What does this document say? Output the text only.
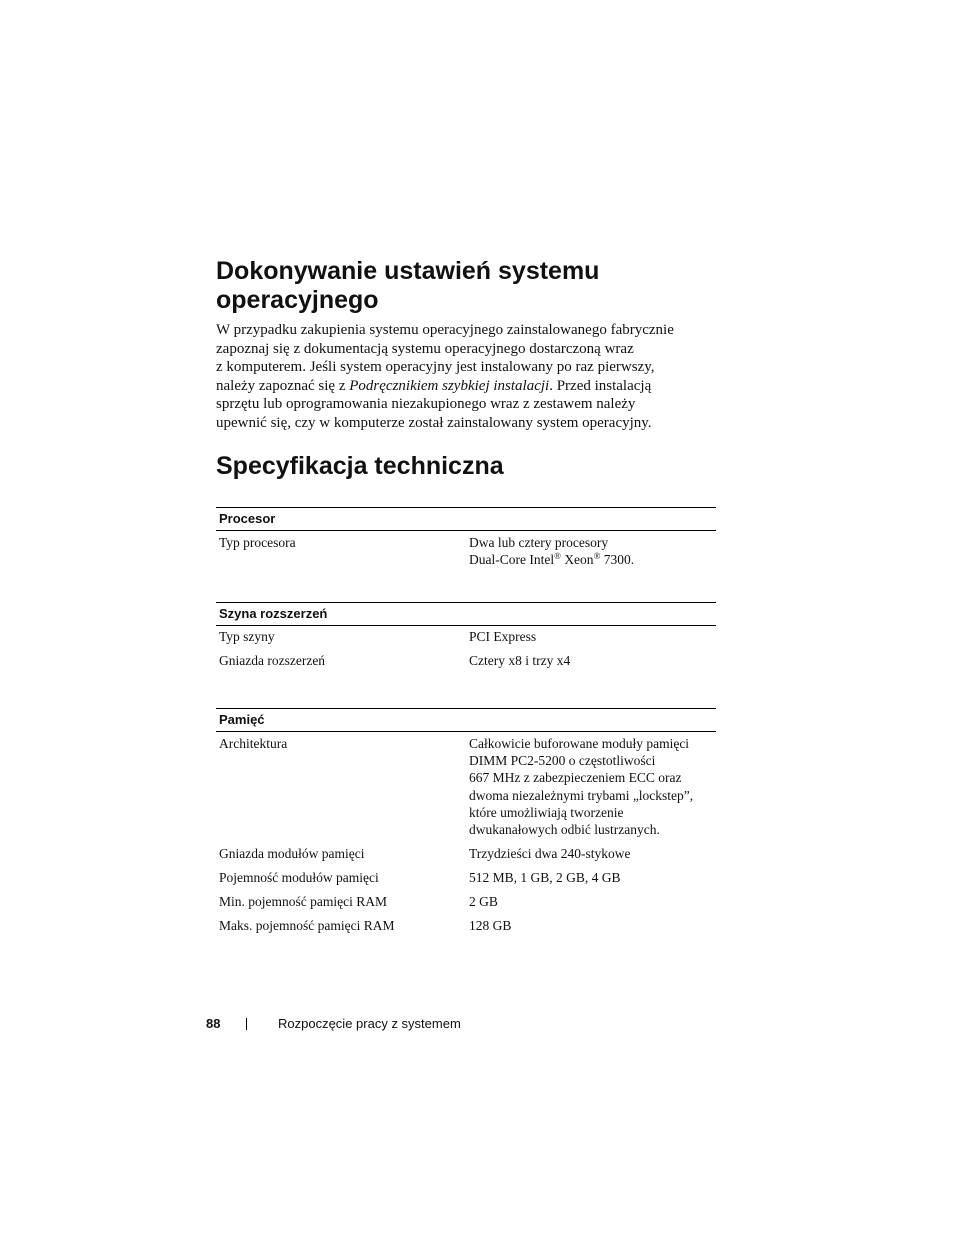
Dokonywanie ustawień systemu operacyjnego
W przypadku zakupienia systemu operacyjnego zainstalowanego fabrycznie
zapoznaj się z dokumentacją systemu operacyjnego dostarczoną wraz
z komputerem. Jeśli system operacyjny jest instalowany po raz pierwszy,
należy zapoznać się z Podręcznikiem szybkiej instalacji. Przed instalacją
sprzętu lub oprogramowania niezakupionego wraz z zestawem należy
upewnić się, czy w komputerze został zainstalowany system operacyjny.
Specyfikacja techniczna
Procesor
Typ procesora	Dwa lub cztery procesory
Dual-Core Intel® Xeon® 7300.
Szyna rozszerzeń
Typ szyny	PCI Express
Gniazda rozszerzeń	Cztery x8 i trzy x4
Pamięć
Architektura	Całkowicie buforowane moduły pamięci
DIMM PC2-5200 o częstotliwości
667 MHz z zabezpieczeniem ECC oraz
dwoma niezależnymi trybami „lockstep”,
które umożliwiają tworzenie
dwukanałowych odbić lustrzanych.
Gniazda modułów pamięci	Trzydzieści dwa 240-stykowe
Pojemność modułów pamięci	512 MB, 1 GB, 2 GB, 4 GB
Min. pojemność pamięci RAM	2 GB
Maks. pojemność pamięci RAM	128 GB
88	Rozpoczęcie pracy z systemem
